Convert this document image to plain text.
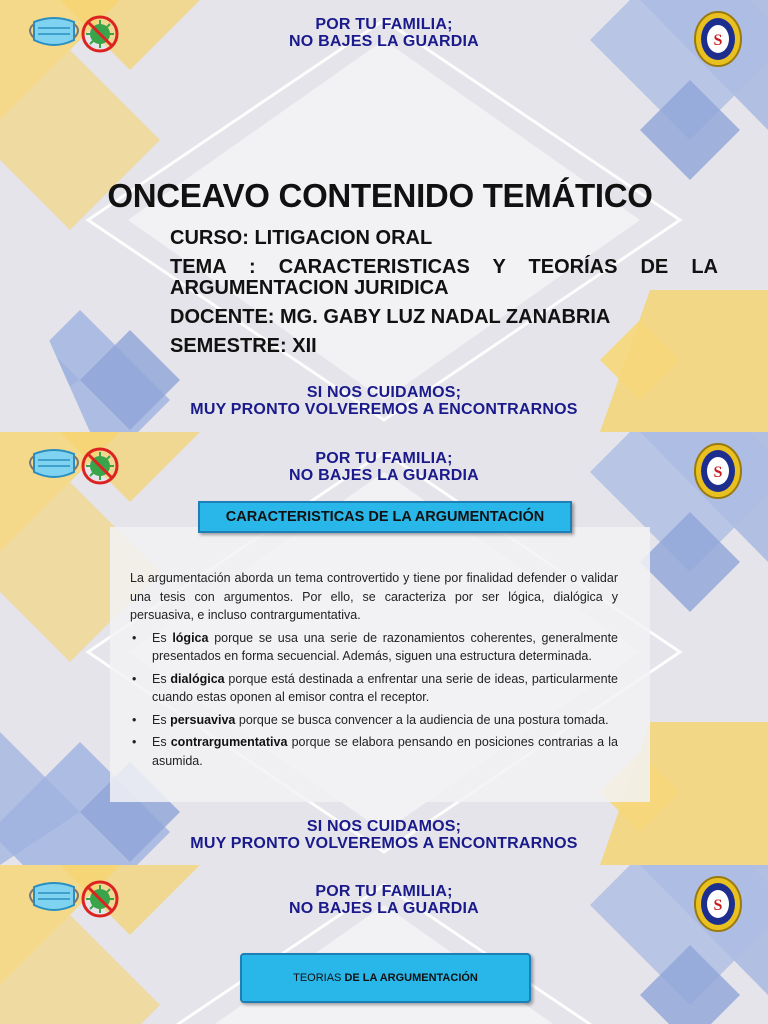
S
POR TU FAMILIA;
NO BAJES LA GUARDIA
ONCEAVO CONTENIDO TEMÁTICO
CURSO: LITIGACION ORAL
TEMA : CARACTERISTICAS Y TEORÍAS DE LA ARGUMENTACION JURIDICA
DOCENTE: MG. GABY LUZ NADAL ZANABRIA
SEMESTRE: XII
SI NOS CUIDAMOS;
MUY PRONTO VOLVEREMOS A ENCONTRARNOS
S
POR TU FAMILIA;
NO BAJES LA GUARDIA
CARACTERISTICAS DE LA ARGUMENTACIÓN
La argumentación aborda un tema controvertido y tiene por finalidad defender o validar una tesis con argumentos. Por ello, se caracteriza por ser lógica, dialógica y persuasiva, e incluso contrargumentativa.
• Es lógica porque se usa una serie de razonamientos coherentes, generalmente presentados en forma secuencial. Además, siguen una estructura determinada.
• Es dialógica porque está destinada a enfrentar una serie de ideas, particularmente cuando estas oponen al emisor contra el receptor.
• Es persuaviva porque se busca convencer a la audiencia de una postura tomada.
• Es contrargumentativa porque se elabora pensando en posiciones contrarias a la asumida.
SI NOS CUIDAMOS;
MUY PRONTO VOLVEREMOS A ENCONTRARNOS
S
POR TU FAMILIA;
NO BAJES LA GUARDIA
TEORIAS DE LA ARGUMENTACIÓN
